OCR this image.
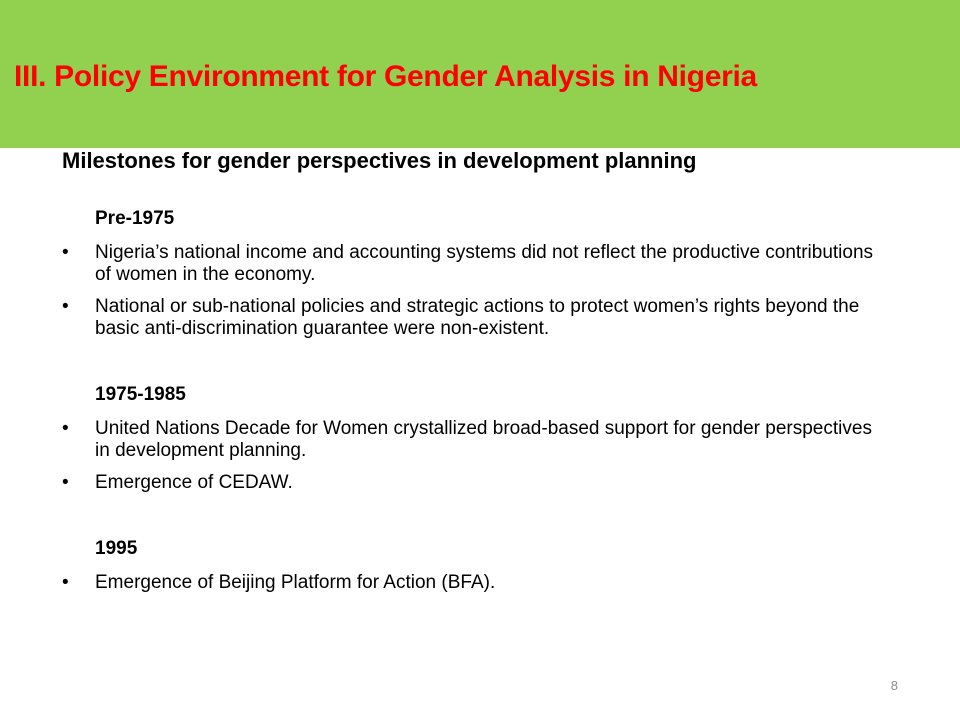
III. Policy Environment for Gender Analysis in Nigeria
Milestones for gender perspectives in development planning
Pre-1975
•	Nigeria’s national income and accounting systems did not reflect the productive contributions of women in the economy.
•	National or sub-national policies and strategic actions to protect women’s rights beyond the basic anti-discrimination guarantee were non-existent.
1975-1985
•	United Nations Decade for Women crystallized broad-based support for gender perspectives in development planning.
•	Emergence of CEDAW.
1995
•	Emergence of Beijing Platform for Action (BFA).
8
